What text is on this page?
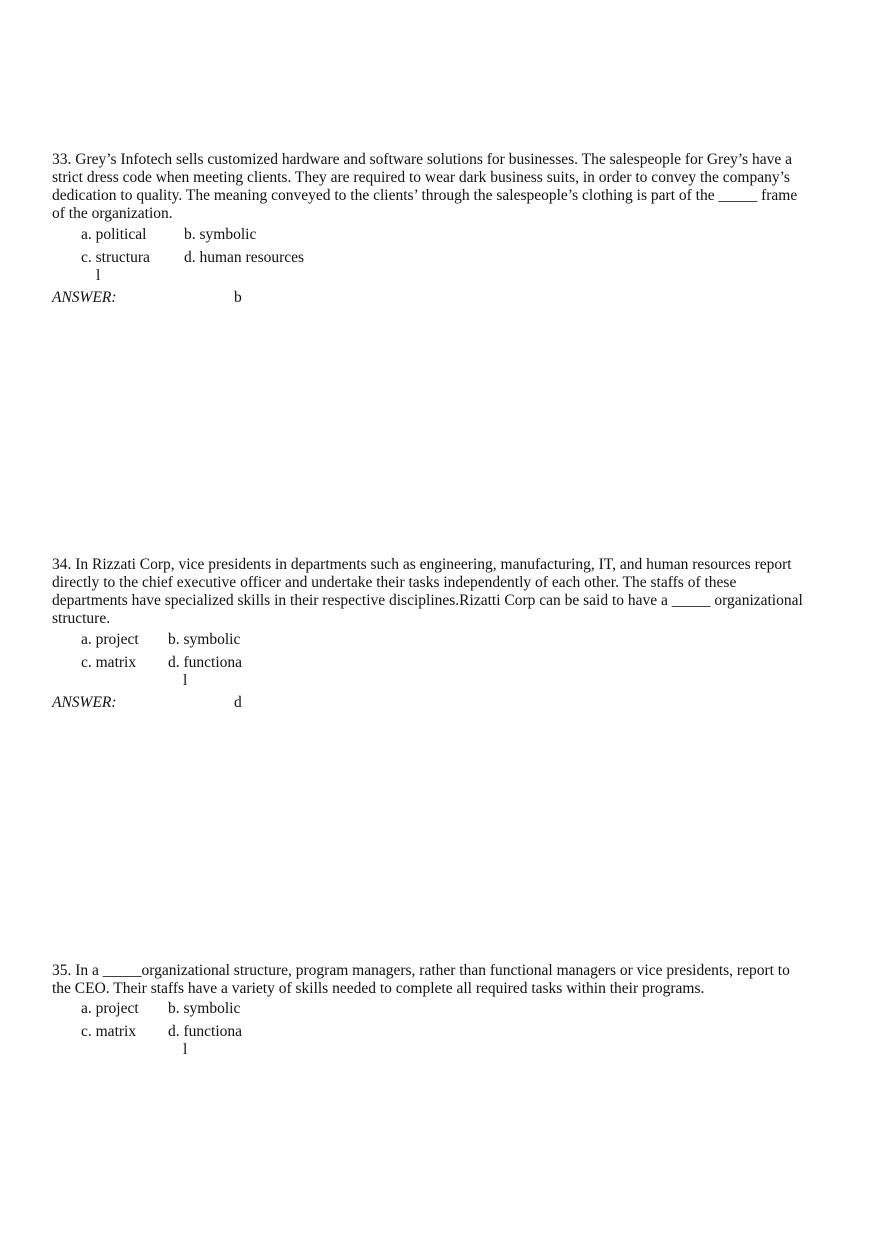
33. Grey’s Infotech sells customized hardware and software solutions for businesses. The salespeople for Grey’s have a
strict dress code when meeting clients. They are required to wear dark business suits, in order to convey the company’s
dedication to quality. The meaning conveyed to the clients’ through the salespeople’s clothing is part of the _____ frame
of the organization.
a. political b. symbolic
c. structura
l
d. human resources
ANSWER:	b
34. In Rizzati Corp, vice presidents in departments such as engineering, manufacturing, IT, and human resources report
directly to the chief executive officer and undertake their tasks independently of each other. The staffs of these
departments have specialized skills in their respective disciplines.Rizatti Corp can be said to have a _____ organizational
structure.
a. project b. symbolic
c. matrix d. functiona
l
ANSWER:	d
35. In a _____organizational structure, program managers, rather than functional managers or vice presidents, report to
the CEO. Their staffs have a variety of skills needed to complete all required tasks within their programs.
a. project b. symbolic
c. matrix d. functiona
l
